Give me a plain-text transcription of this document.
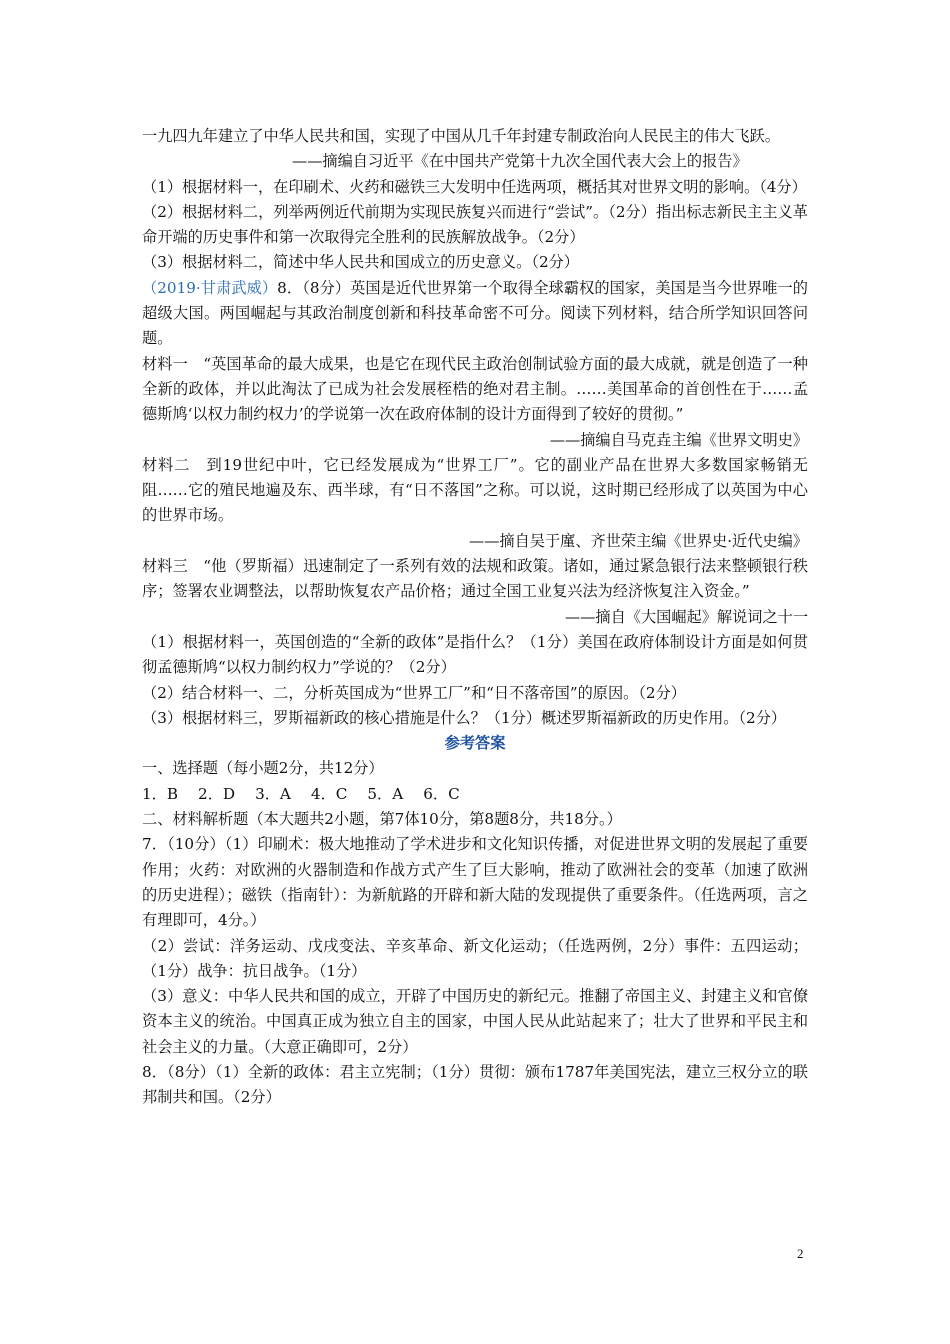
一九四九年建立了中华人民共和国，实现了中国从几千年封建专制政治向人民民主的伟大飞跃。

——摘编自习近平《在中国共产党第十九次全国代表大会上的报告》

（1）根据材料一，在印刷术、火药和磁铁三大发明中任选两项，概括其对世界文明的影响。（4分）

（2）根据材料二，列举两例近代前期为实现民族复兴而进行“尝试”。（2分）指出标志新民主主义革命开端的历史事件和第一次取得完全胜利的民族解放战争。（2分）

（3）根据材料二，简述中华人民共和国成立的历史意义。（2分）

（2019·甘肃武威）8．（8分）英国是近代世界第一个取得全球霸权的国家，美国是当今世界唯一的超级大国。两国崛起与其政治制度创新和科技革命密不可分。阅读下列材料，结合所学知识回答问题。

材料一　“英国革命的最大成果，也是它在现代民主政治创制试验方面的最大成就，就是创造了一种全新的政体，并以此淘汰了已成为社会发展桎梏的绝对君主制。……美国革命的首创性在于……孟德斯鸠‘以权力制约权力’的学说第一次在政府体制的设计方面得到了较好的贯彻。”

——摘编自马克垚主编《世界文明史》

材料二　到19世纪中叶，它已经发展成为“世界工厂”。它的副业产品在世界大多数国家畅销无阻……它的殖民地遍及东、西半球，有“日不落国”之称。可以说，这时期已经形成了以英国为中心的世界市场。

——摘自吴于廑、齐世荣主编《世界史·近代史编》

材料三　“他（罗斯福）迅速制定了一系列有效的法规和政策。诸如，通过紧急银行法来整顿银行秩序；签署农业调整法，以帮助恢复农产品价格；通过全国工业复兴法为经济恢复注入资金。”

——摘自《大国崛起》解说词之十一

（1）根据材料一，英国创造的“全新的政体”是指什么？（1分）美国在政府体制设计方面是如何贯彻孟德斯鸠“以权力制约权力”学说的？（2分）

（2）结合材料一、二，分析英国成为“世界工厂”和“日不落帝国”的原因。（2分）

（3）根据材料三，罗斯福新政的核心措施是什么？（1分）概述罗斯福新政的历史作用。（2分）

参考答案

一、选择题（每小题2分，共12分）

1．B　 2．D　 3．A　 4．C　 5．A　 6．C

二、材料解析题（本大题共2小题，第7体10分，第8题8分，共18分。）

7．（10分）（1）印刷术：极大地推动了学术进步和文化知识传播，对促进世界文明的发展起了重要作用；火药：对欧洲的火器制造和作战方式产生了巨大影响，推动了欧洲社会的变革（加速了欧洲的历史进程）；磁铁（指南针）：为新航路的开辟和新大陆的发现提供了重要条件。（任选两项，言之有理即可，4分。）

（2）尝试：洋务运动、戊戌变法、辛亥革命、新文化运动；（任选两例，2分）事件：五四运动；（1分）战争：抗日战争。（1分）

（3）意义：中华人民共和国的成立，开辟了中国历史的新纪元。推翻了帝国主义、封建主义和官僚资本主义的统治。中国真正成为独立自主的国家，中国人民从此站起来了；壮大了世界和平民主和社会主义的力量。（大意正确即可，2分）

8．（8分）（1）全新的政体：君主立宪制；（1分）贯彻：颁布1787年美国宪法，建立三权分立的联邦制共和国。（2分）

2
